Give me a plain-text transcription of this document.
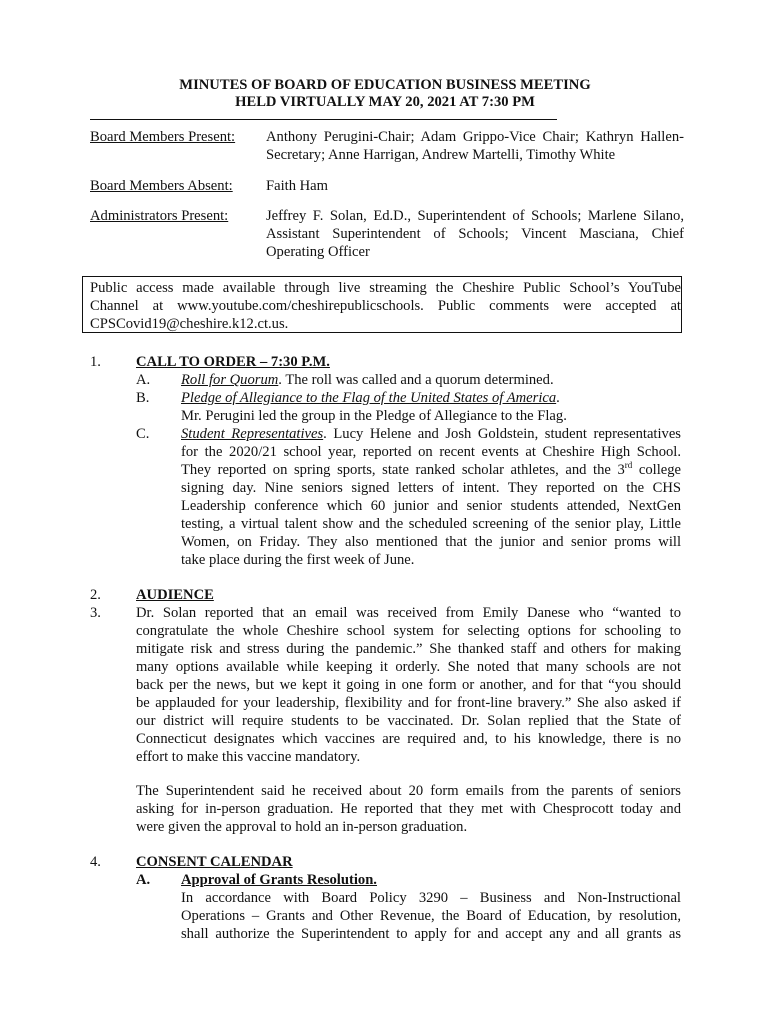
MINUTES OF BOARD OF EDUCATION BUSINESS MEETING
HELD VIRTUALLY MAY 20, 2021 AT 7:30 PM
Board Members Present: Anthony Perugini-Chair; Adam Grippo-Vice Chair; Kathryn Hallen-Secretary; Anne Harrigan, Andrew Martelli, Timothy White
Board Members Absent: Faith Ham
Administrators Present:	Jeffrey F. Solan, Ed.D., Superintendent of Schools; Marlene Silano, Assistant Superintendent of Schools; Vincent Masciana, Chief Operating Officer

Public access made available through live streaming the Cheshire Public School’s YouTube

Channel at www.youtube.com/cheshirepublicschools. Public comments were accepted at

CPSCovid19@cheshire.k12.ct.us.

1. CALL TO ORDER – 7:30 P.M.
A. Roll for Quorum. The roll was called and a quorum determined.
B. Pledge of Allegiance to the Flag of the United States of America.
Mr. Perugini led the group in the Pledge of Allegiance to the Flag.
C. Student Representatives. Lucy Helene and Josh Goldstein, student representatives
for the 2020/21 school year, reported on recent events at Cheshire High School.
They reported on spring sports, state ranked scholar athletes, and the 3rd college
signing day. Nine seniors signed letters of intent. They reported on the CHS
Leadership conference which 60 junior and senior students attended, NextGen
testing, a virtual talent show and the scheduled screening of the senior play, Little
Women, on Friday. They also mentioned that the junior and senior proms will
take place during the first week of June.
2. AUDIENCE
3. Dr. Solan reported that an email was received from Emily Danese who “wanted to
congratulate the whole Cheshire school system for selecting options for schooling to
mitigate risk and stress during the pandemic.” She thanked staff and others for making
many options available while keeping it orderly. She noted that many schools are not
back per the news, but we kept it going in one form or another, and for that “you should
be applauded for your leadership, flexibility and for front-line bravery.” She also asked if
our district will require students to be vaccinated. Dr. Solan replied that the State of
Connecticut designates which vaccines are required and, to his knowledge, there is no
effort to make this vaccine mandatory.
The Superintendent said he received about 20 form emails from the parents of seniors
asking for in-person graduation. He reported that they met with Chesprocott today and
were given the approval to hold an in-person graduation.
4. CONSENT CALENDAR
A. Approval of Grants Resolution.
In accordance with Board Policy 3290 – Business and Non-Instructional
Operations – Grants and Other Revenue, the Board of Education, by resolution,
shall authorize the Superintendent to apply for and accept any and all grants as
